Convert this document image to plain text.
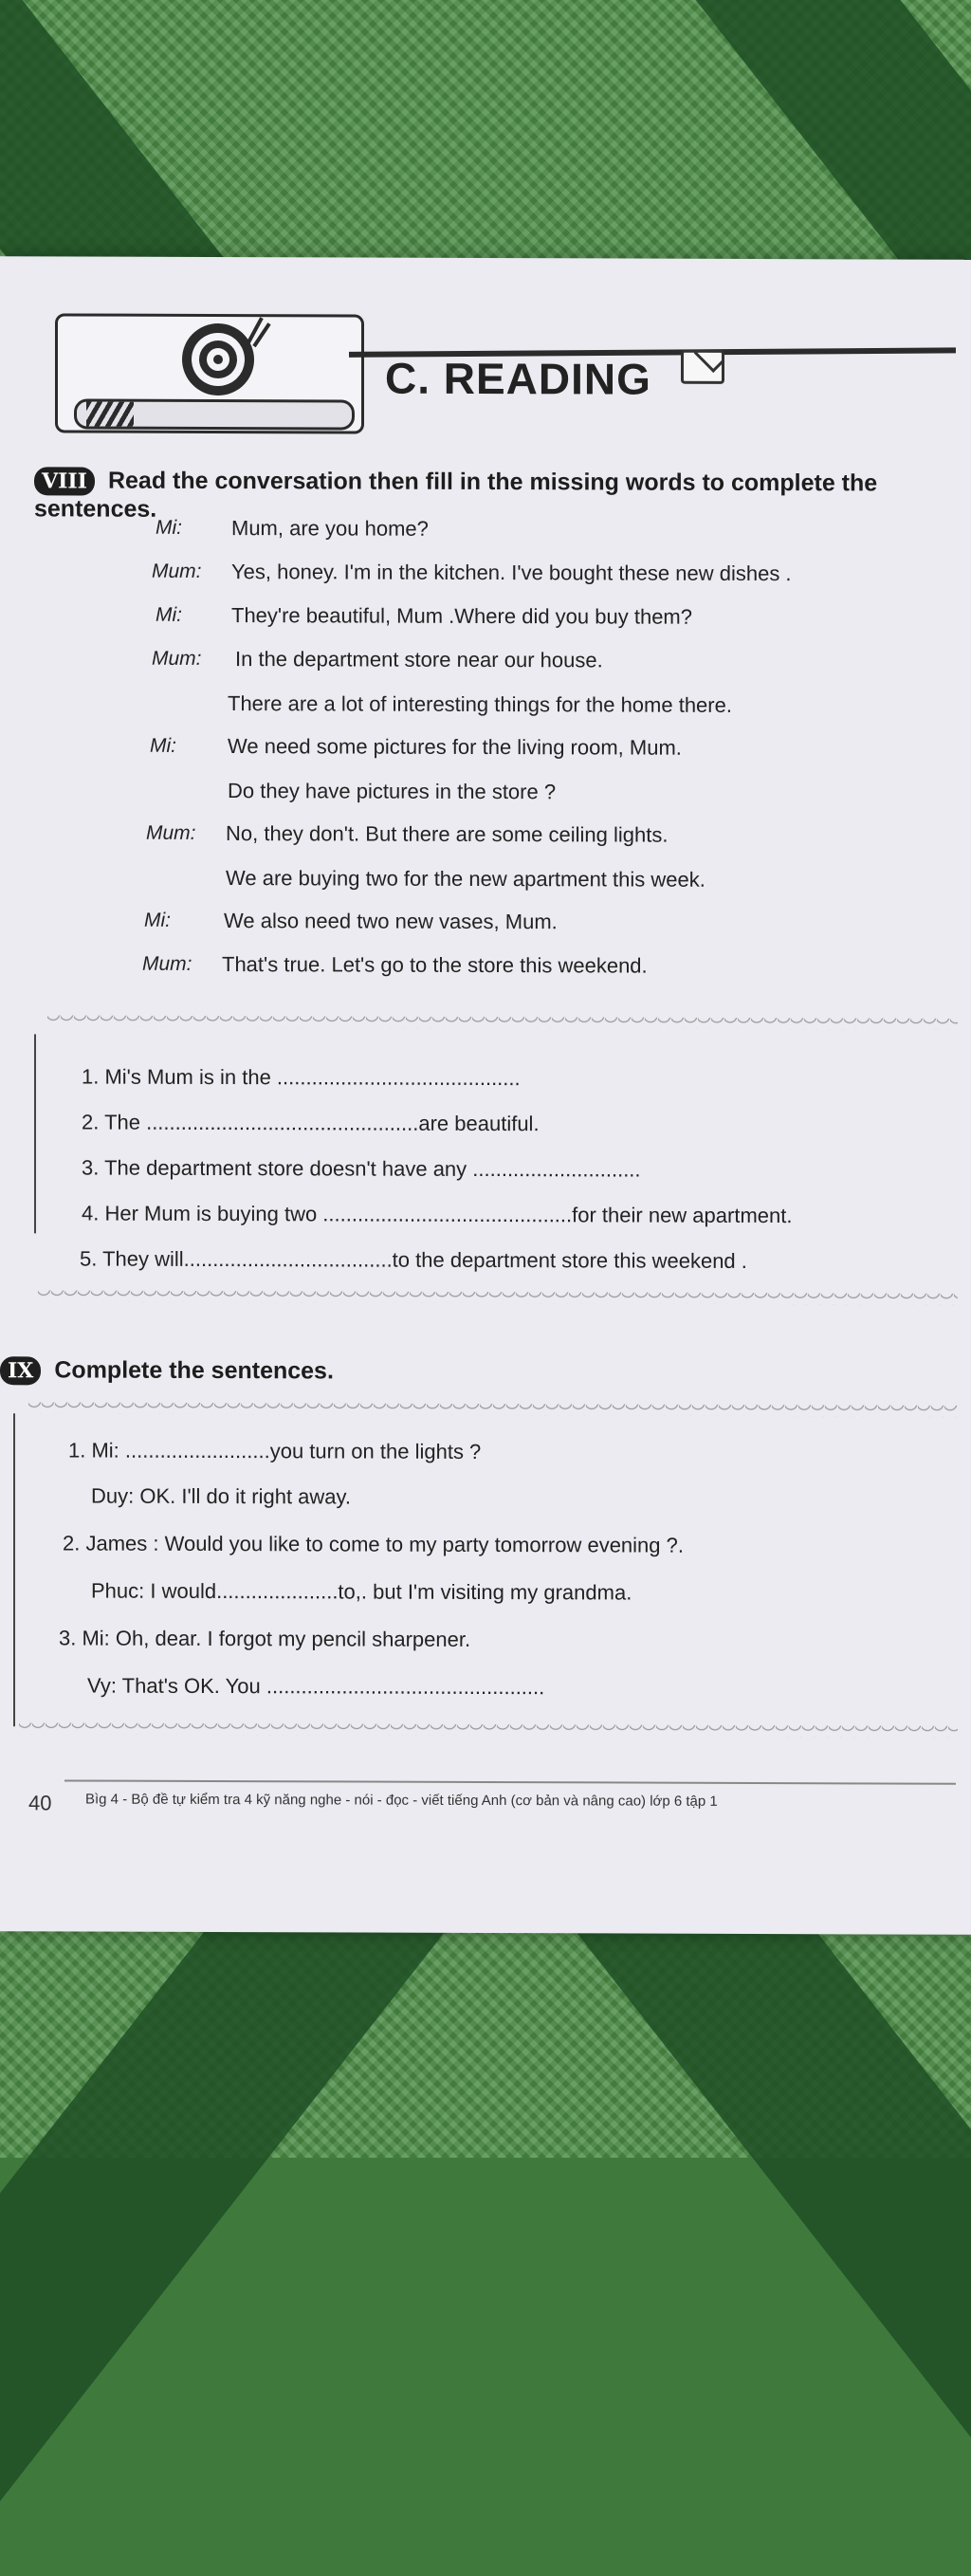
C. READING
VIII Read the conversation then fill in the missing words to complete the sentences.
Mi: Mum, are you home?
Mum: Yes, honey. I'm in the kitchen. I've bought these new dishes .
Mi: They're beautiful, Mum .Where did you buy them?
Mum: In the department store near our house.
There are a lot of interesting things for the home there.
Mi: We need some pictures for the living room, Mum.
Do they have pictures in the store ?
Mum: No, they don't. But there are some ceiling lights.
We are buying two for the new apartment this week.
Mi:	We also need two new vases, Mum.
Mum: That's true. Let's go to the store this weekend.
1. Mi's Mum is in the ..........................................
2. The ...............................................are beautiful.
3. The department store doesn't have any .............................
4. Her Mum is buying two ...........................................for their new apartment.
5. They will....................................to the department store this weekend .
IX Complete the sentences.
1. Mi: .........................you turn on the lights ?
Duy: OK. I'll do it right away.
2. James : Would you like to come to my party tomorrow evening ?.
Phuc: I would.....................to,. but I'm visiting my grandma.
3. Mi: Oh, dear. I forgot my pencil sharpener.
Vy: That's OK. You ................................................
40 Bìg 4 - Bộ đề tự kiểm tra 4 kỹ năng nghe - nói - đọc - viết tiếng Anh (cơ bản và nâng cao) lớp 6 tập 1
